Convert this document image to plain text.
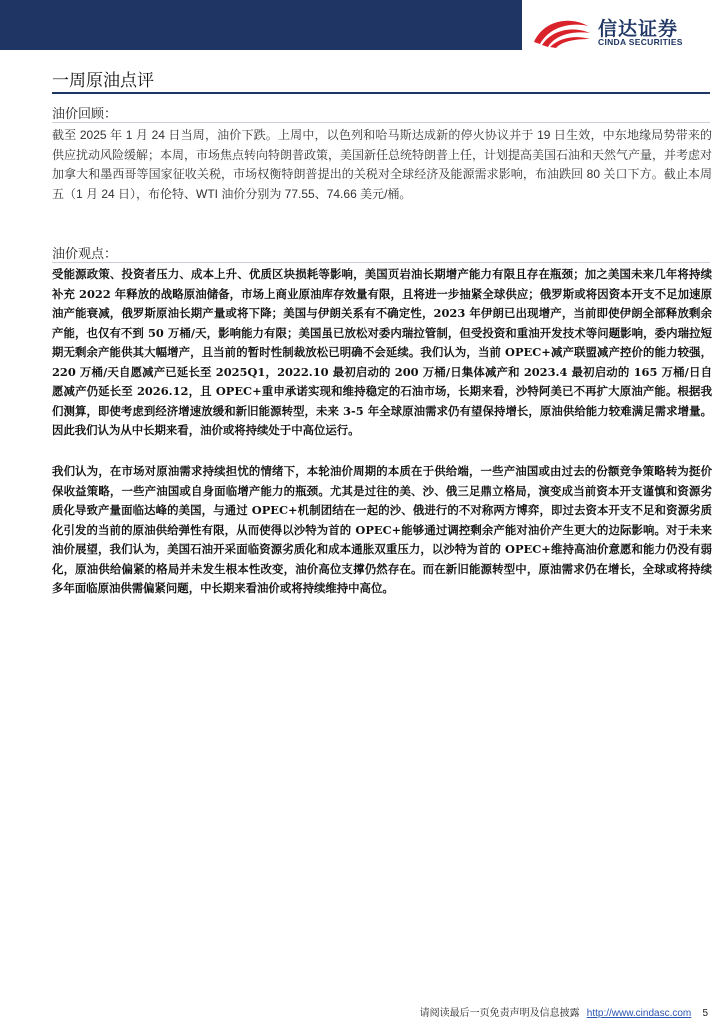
信达证券
CINDA SECURITIES
一周原油点评
油价回顾：
截至 2025 年 1 月 24 日当周，油价下跌。上周中，以色列和哈马斯达成新的停火协议并于 19 日生效，中东地缘局势带来的供应扰动风险缓解；本周，市场焦点转向特朗普政策，美国新任总统特朗普上任，计划提高美国石油和天然气产量，并考虑对加拿大和墨西哥等国家征收关税，市场权衡特朗普提出的关税对全球经济及能源需求影响，布油跌回 80 关口下方。截止本周五（1 月 24 日），布伦特、WTI 油价分别为 77.55、74.66 美元/桶。
油价观点：
受能源政策、投资者压力、成本上升、优质区块损耗等影响，美国页岩油长期增产能力有限且存在瓶颈；加之美国未来几年将持续补充 2022 年释放的战略原油储备，市场上商业原油库存效量有限，且将进一步抽紧全球供应；俄罗斯或将因资本开支不足加速原油产能衰减，俄罗斯原油长期产量或将下降；美国与伊朗关系有不确定性，2023 年伊朗已出现增产，当前即使伊朗全部释放剩余产能，也仅有不到 50 万桶/天，影响能力有限；美国虽已放松对委内瑞拉管制，但受投资和重油开发技术等问题影响，委内瑞拉短期无剩余产能供其大幅增产，且当前的暂时性制裁放松已明确不会延续。我们认为，当前 OPEC+减产联盟减产控价的能力较强，220 万桶/天自愿减产已延长至 2025Q1，2022.10 最初启动的 200 万桶/日集体减产和 2023.4 最初启动的 165 万桶/日自愿减产仍延长至 2026.12，且 OPEC+重申承诺实现和维持稳定的石油市场，长期来看，沙特阿美已不再扩大原油产能。根据我们测算，即使考虑到经济增速放缓和新旧能源转型，未来 3-5 年全球原油需求仍有望保持增长，原油供给能力较难满足需求增量。因此我们认为从中长期来看，油价或将持续处于中高位运行。
我们认为，在市场对原油需求持续担忧的情绪下，本轮油价周期的本质在于供给端，一些产油国或由过去的份额竞争策略转为挺价保收益策略，一些产油国或自身面临增产能力的瓶颈。尤其是过往的美、沙、俄三足鼎立格局，演变成当前资本开支谨慎和资源劣质化导致产量面临达峰的美国，与通过 OPEC+机制团结在一起的沙、俄进行的不对称两方博弈，即过去资本开支不足和资源劣质化引发的当前的原油供给弹性有限，从而使得以沙特为首的 OPEC+能够通过调控剩余产能对油价产生更大的边际影响。对于未来油价展望，我们认为，美国石油开采面临资源劣质化和成本通胀双重压力，以沙特为首的 OPEC+维持高油价意愿和能力仍没有弱化，原油供给偏紧的格局并未发生根本性改变，油价高位支撑仍然存在。而在新旧能源转型中，原油需求仍在增长，全球或将持续多年面临原油供需偏紧问题，中长期来看油价或将持续维持中高位。
请阅读最后一页免责声明及信息披露 http://www.cindasc.com 5
